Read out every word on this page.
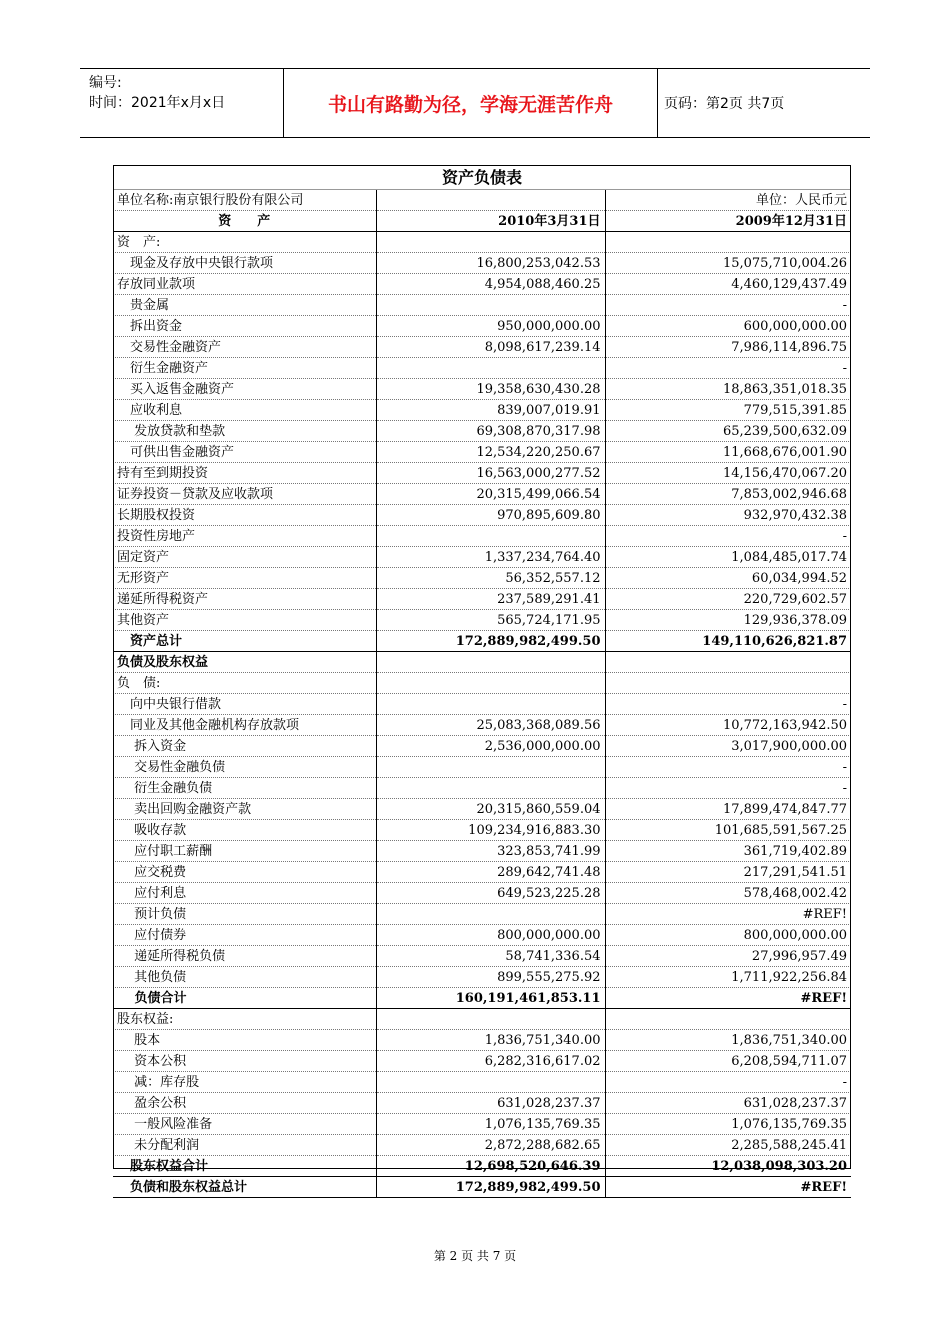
编号:
时间：2021年x月x日	书山有路勤为径，学海无涯苦作舟	页码：第2页 共7页
资产负债表		
单位名称:南京银行股份有限公司		单位：人民币元
资　　产	2010年3月31日	2009年12月31日
资　产:		
　现金及存放中央银行款项	16,800,253,042.53	15,075,710,004.26
存放同业款项	4,954,088,460.25	4,460,129,437.49
　贵金属		-
　拆出资金	950,000,000.00	600,000,000.00
　交易性金融资产	8,098,617,239.14	7,986,114,896.75
　衍生金融资产		-
　买入返售金融资产	19,358,630,430.28	18,863,351,018.35
　应收利息	839,007,019.91	779,515,391.85
　 发放贷款和垫款	69,308,870,317.98	65,239,500,632.09
　可供出售金融资产	12,534,220,250.67	11,668,676,001.90
持有至到期投资	16,563,000,277.52	14,156,470,067.20
证券投资－贷款及应收款项	20,315,499,066.54	7,853,002,946.68
长期股权投资	970,895,609.80	932,970,432.38
投资性房地产		-
固定资产	1,337,234,764.40	1,084,485,017.74
无形资产	56,352,557.12	60,034,994.52
递延所得税资产	237,589,291.41	220,729,602.57
其他资产	565,724,171.95	129,936,378.09
　资产总计	172,889,982,499.50	149,110,626,821.87
负债及股东权益		
负　债:		
　向中央银行借款		-
　同业及其他金融机构存放款项	25,083,368,089.56	10,772,163,942.50
　 拆入资金	2,536,000,000.00	3,017,900,000.00
　 交易性金融负债		-
　 衍生金融负债		-
　 卖出回购金融资产款	20,315,860,559.04	17,899,474,847.77
　 吸收存款	109,234,916,883.30	101,685,591,567.25
　 应付职工薪酬	323,853,741.99	361,719,402.89
　 应交税费	289,642,741.48	217,291,541.51
　 应付利息	649,523,225.28	578,468,002.42
　 预计负债		#REF!
　 应付债券	800,000,000.00	800,000,000.00
　 递延所得税负债	58,741,336.54	27,996,957.49
　 其他负债	899,555,275.92	1,711,922,256.84
　 负债合计	160,191,461,853.11	#REF!
股东权益:		
　 股本	1,836,751,340.00	1,836,751,340.00
　 资本公积	6,282,316,617.02	6,208,594,711.07
　 减：库存股		-
　 盈余公积	631,028,237.37	631,028,237.37
　 一般风险准备	1,076,135,769.35	1,076,135,769.35
　 未分配利润	2,872,288,682.65	2,285,588,245.41
　股东权益合计	12,698,520,646.39	12,038,098,303.20
　负债和股东权益总计	172,889,982,499.50	#REF!
第 2 页 共 7 页
